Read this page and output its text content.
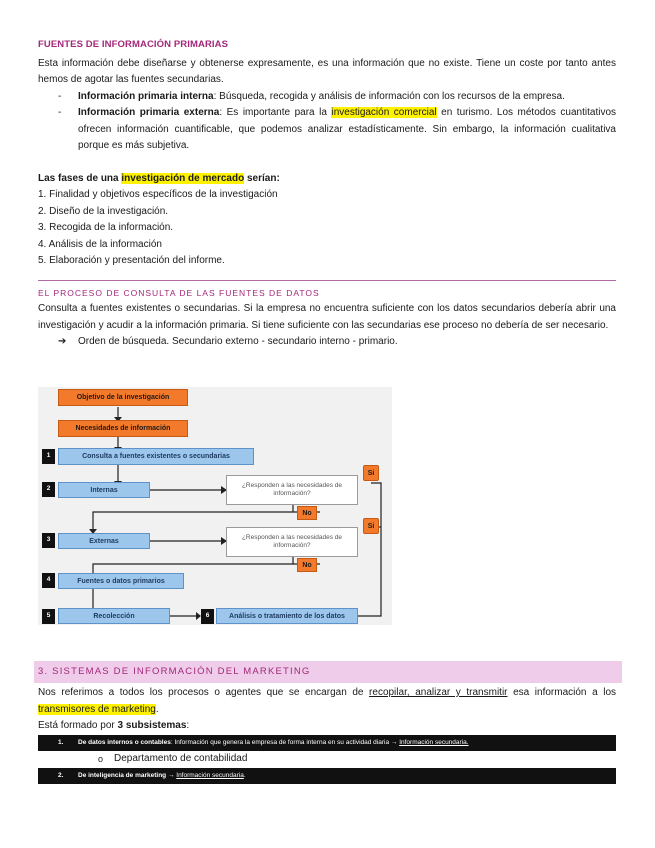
FUENTES DE INFORMACIÓN PRIMARIAS
Esta información debe diseñarse y obtenerse expresamente, es una información que no existe. Tiene un coste por tanto antes hemos de agotar las fuentes secundarias.
- Información primaria interna: Búsqueda, recogida y análisis de información con los recursos de la empresa.
- Información primaria externa: Es importante para la investigación comercial en turismo. Los métodos cuantitativos ofrecen información cuantificable, que podemos analizar estadísticamente. Sin embargo, la información cualitativa porque es más subjetiva.
Las fases de una investigación de mercado serían:
1. Finalidad y objetivos específicos de la investigación
2. Diseño de la investigación.
3. Recogida de la información.
4. Análisis de la información
5. Elaboración y presentación del informe.
EL PROCESO DE CONSULTA DE LAS FUENTES DE DATOS
Consulta a fuentes existentes o secundarias. Si la empresa no encuentra suficiente con los datos secundarios debería abrir una investigación y acudir a la información primaria. Si tiene suficiente con las secundarias ese proceso no debería de ser necesario.
➔ Orden de búsqueda. Secundario externo - secundario interno - primario.
Objetivo de la investigación
Necesidades de información
1	Consulta a fuentes existentes o secundarias
2	Internas
¿Responden a las necesidades de información?
Si
No
3	Externas	¿Responden a las necesidades de información?
Si
No
4	Fuentes o datos primarios
5	Recolección	6	Análisis o tratamiento de los datos
3. SISTEMAS DE INFORMACIÓN DEL MARKETING
Nos referimos a todos los procesos o agentes que se encargan de recopilar, analizar y transmitir esa información a los transmisores de marketing.
Está formado por 3 subsistemas:
1. De datos internos o contables: Información que genera la empresa de forma interna en su actividad diaria → Información secundaria.
o Departamento de contabilidad
2. De inteligencia de marketing → Información secundaria.
